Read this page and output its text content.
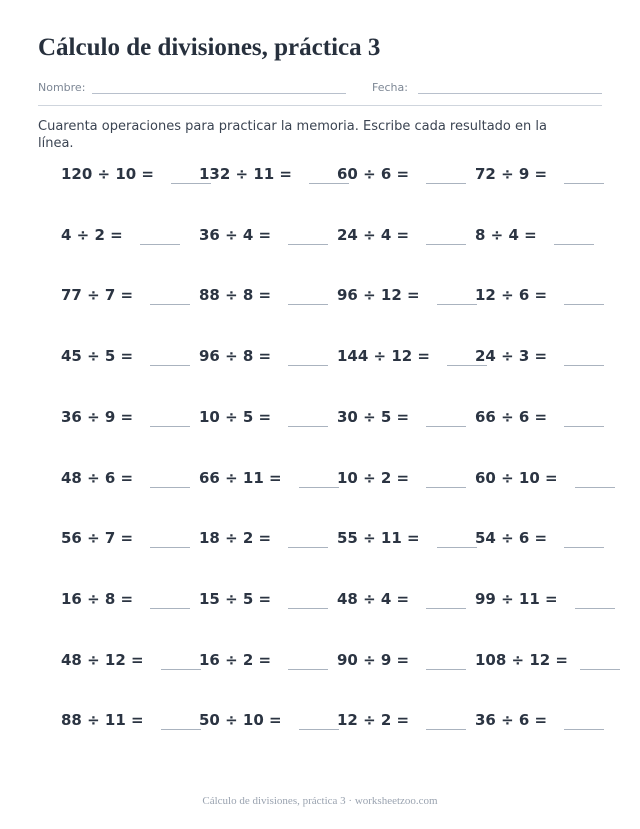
Cálculo de divisiones, práctica 3
Nombre:	Fecha:
Cuarenta operaciones para practicar la memoria. Escribe cada resultado en la línea.
120 ÷ 10 =	132 ÷ 11 =	60 ÷ 6 =	72 ÷ 9 =
4 ÷ 2 =	36 ÷ 4 =	24 ÷ 4 =	8 ÷ 4 =
77 ÷ 7 =	88 ÷ 8 =	96 ÷ 12 =	12 ÷ 6 =
45 ÷ 5 =	96 ÷ 8 =	144 ÷ 12 =	24 ÷ 3 =
36 ÷ 9 =	10 ÷ 5 =	30 ÷ 5 =	66 ÷ 6 =
48 ÷ 6 =	66 ÷ 11 =	10 ÷ 2 =	60 ÷ 10 =
56 ÷ 7 =	18 ÷ 2 =	55 ÷ 11 =	54 ÷ 6 =
16 ÷ 8 =	15 ÷ 5 =	48 ÷ 4 =	99 ÷ 11 =
48 ÷ 12 =	16 ÷ 2 =	90 ÷ 9 =	108 ÷ 12 =
88 ÷ 11 =	50 ÷ 10 =	12 ÷ 2 =	36 ÷ 6 =
Cálculo de divisiones, práctica 3 · worksheetzoo.com
